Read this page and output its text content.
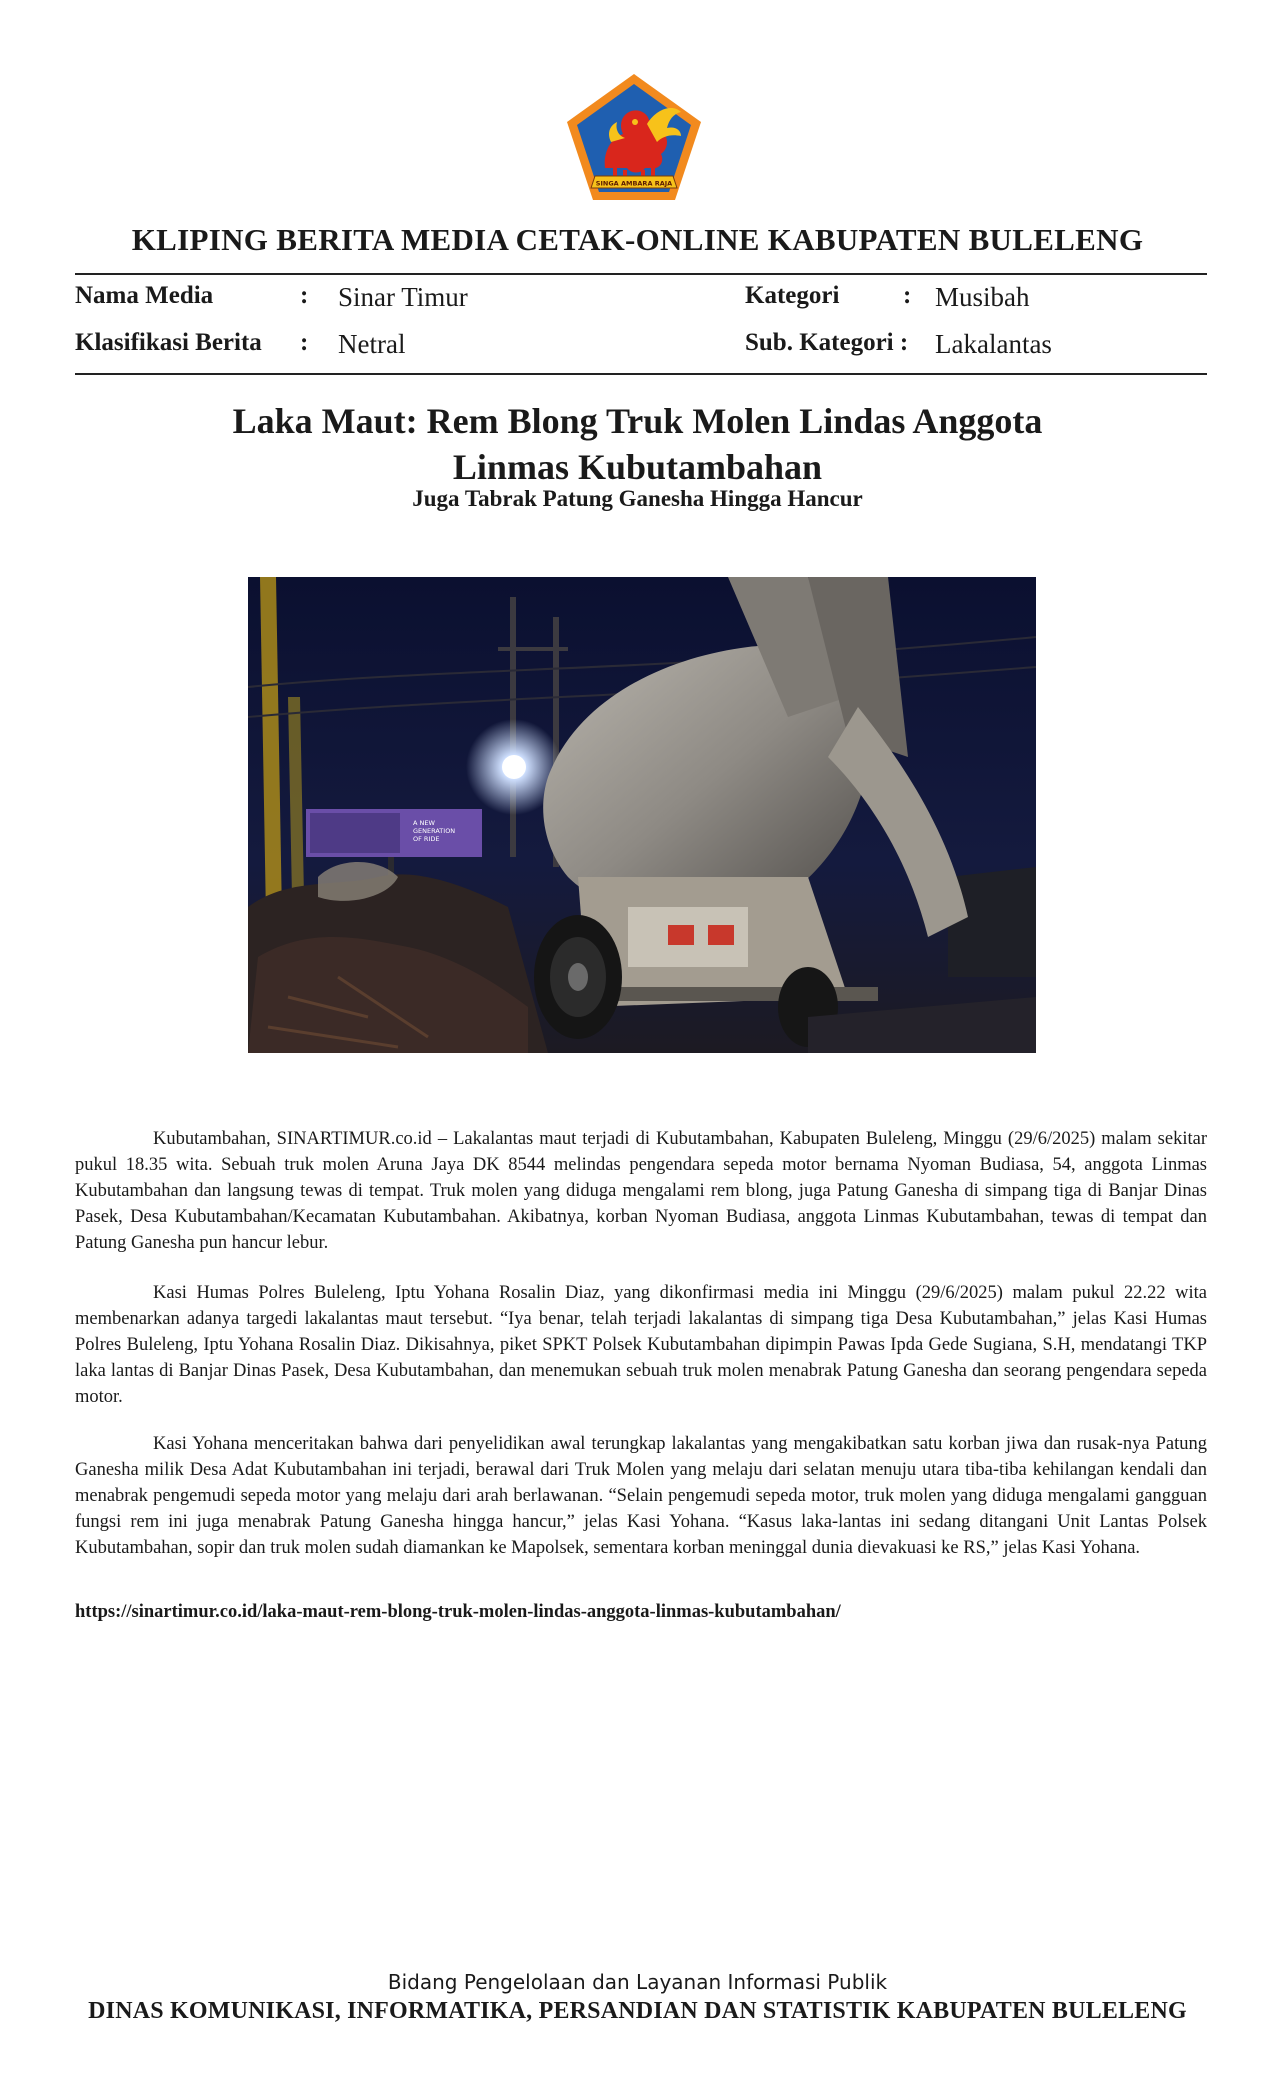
SINGA AMBARA RAJA
KLIPING BERITA MEDIA CETAK-ONLINE KABUPATEN BULELENG
Nama Media	: Sinar Timur	Kategori	: Musibah
Klasifikasi Berita : Netral	Sub. Kategori : Lakalantas
Laka Maut: Rem Blong Truk Molen Lindas Anggota
Linmas Kubutambahan
Juga Tabrak Patung Ganesha Hingga Hancur
A NEW GENERATION OF RIDE

Kubutambahan, SINARTIMUR.co.id – Lakalantas maut terjadi di Kubutambahan, Kabupaten Buleleng, Minggu (29/6/2025) malam sekitar pukul 18.35 wita. Sebuah truk molen Aruna Jaya DK 8544 melindas pengendara sepeda motor bernama Nyoman Budiasa, 54, anggota Linmas Kubutambahan dan langsung tewas di tempat. Truk molen yang diduga mengalami rem blong, juga Patung Ganesha di simpang tiga di Banjar Dinas Pasek, Desa Kubutambahan/Kecamatan Kubutambahan. Akibatnya, korban Nyoman Budiasa, anggota Linmas Kubutambahan, tewas di tempat dan Patung Ganesha pun hancur lebur.

Kasi Humas Polres Buleleng, Iptu Yohana Rosalin Diaz, yang dikonfirmasi media ini Minggu (29/6/2025) malam pukul 22.22 wita membenarkan adanya targedi lakalantas maut tersebut. “Iya benar, telah terjadi lakalantas di simpang tiga Desa Kubutambahan,” jelas Kasi Humas Polres Buleleng, Iptu Yohana Rosalin Diaz. Dikisahnya, piket SPKT Polsek Kubutambahan dipimpin Pawas Ipda Gede Sugiana, S.H, mendatangi TKP laka lantas di Banjar Dinas Pasek, Desa Kubutambahan, dan menemukan sebuah truk molen menabrak Patung Ganesha dan seorang pengendara sepeda motor.

Kasi Yohana menceritakan bahwa dari penyelidikan awal terungkap lakalantas yang mengakibatkan satu korban jiwa dan rusak-nya Patung Ganesha milik Desa Adat Kubutambahan ini terjadi, berawal dari Truk Molen yang melaju dari selatan menuju utara tiba-tiba kehilangan kendali dan menabrak pengemudi sepeda motor yang melaju dari arah berlawanan. “Selain pengemudi sepeda motor, truk molen yang diduga mengalami gangguan fungsi rem ini juga menabrak Patung Ganesha hingga hancur,” jelas Kasi Yohana. “Kasus laka-lantas ini sedang ditangani Unit Lantas Polsek Kubutambahan, sopir dan truk molen sudah diamankan ke Mapolsek, sementara korban meninggal dunia dievakuasi ke RS,” jelas Kasi Yohana.

https://sinartimur.co.id/laka-maut-rem-blong-truk-molen-lindas-anggota-linmas-kubutambahan/
Bidang Pengelolaan dan Layanan Informasi Publik
DINAS KOMUNIKASI, INFORMATIKA, PERSANDIAN DAN STATISTIK KABUPATEN BULELENG
